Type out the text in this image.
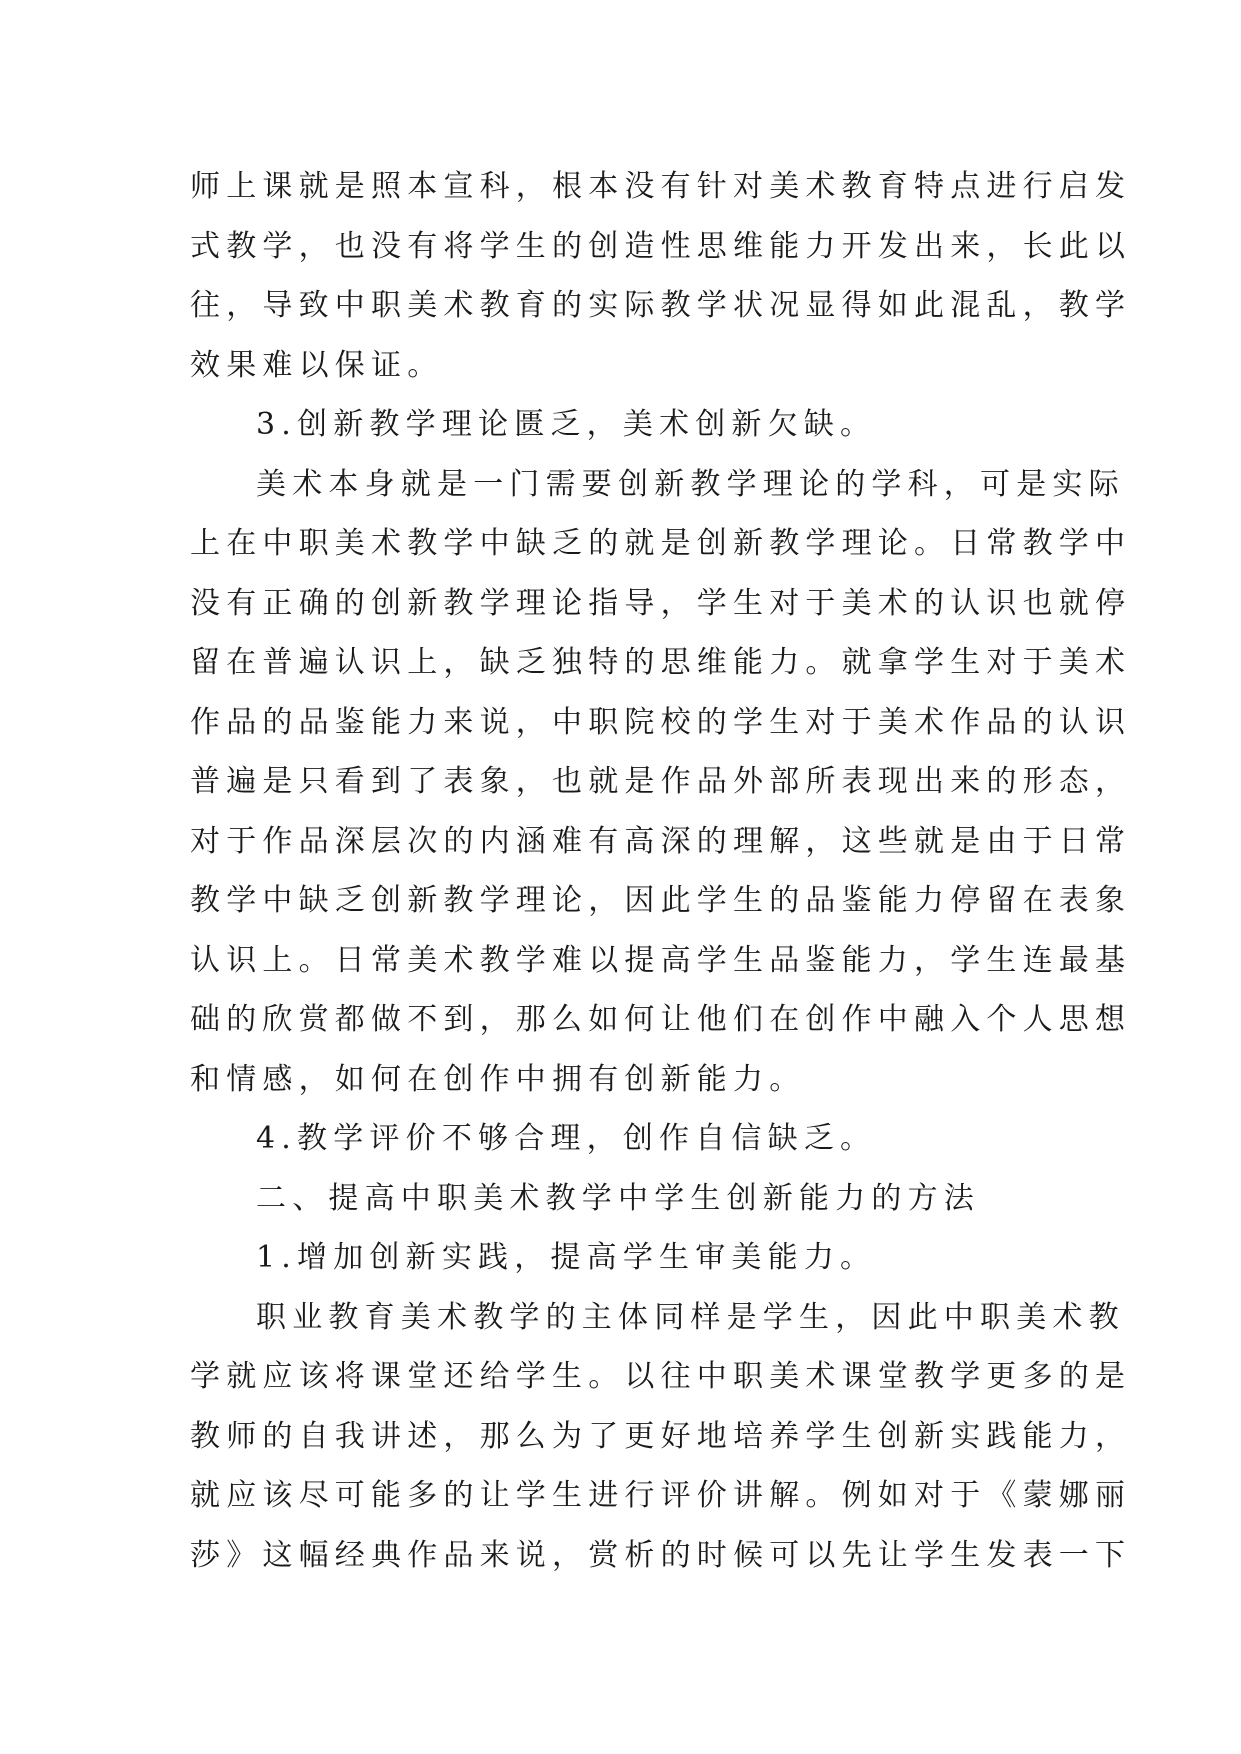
师上课就是照本宣科，根本没有针对美术教育特点进行启发
式教学，也没有将学生的创造性思维能力开发出来，长此以
往，导致中职美术教育的实际教学状况显得如此混乱，教学
效果难以保证。
3.创新教学理论匮乏，美术创新欠缺。
美术本身就是一门需要创新教学理论的学科，可是实际
上在中职美术教学中缺乏的就是创新教学理论。日常教学中
没有正确的创新教学理论指导，学生对于美术的认识也就停
留在普遍认识上，缺乏独特的思维能力。就拿学生对于美术
作品的品鉴能力来说，中职院校的学生对于美术作品的认识
普遍是只看到了表象，也就是作品外部所表现出来的形态，
对于作品深层次的内涵难有高深的理解，这些就是由于日常
教学中缺乏创新教学理论，因此学生的品鉴能力停留在表象
认识上。日常美术教学难以提高学生品鉴能力，学生连最基
础的欣赏都做不到，那么如何让他们在创作中融入个人思想
和情感，如何在创作中拥有创新能力。
4.教学评价不够合理，创作自信缺乏。
二、提高中职美术教学中学生创新能力的方法
1.增加创新实践，提高学生审美能力。
职业教育美术教学的主体同样是学生，因此中职美术教
学就应该将课堂还给学生。以往中职美术课堂教学更多的是
教师的自我讲述，那么为了更好地培养学生创新实践能力，
就应该尽可能多的让学生进行评价讲解。例如对于《蒙娜丽
莎》这幅经典作品来说，赏析的时候可以先让学生发表一下
